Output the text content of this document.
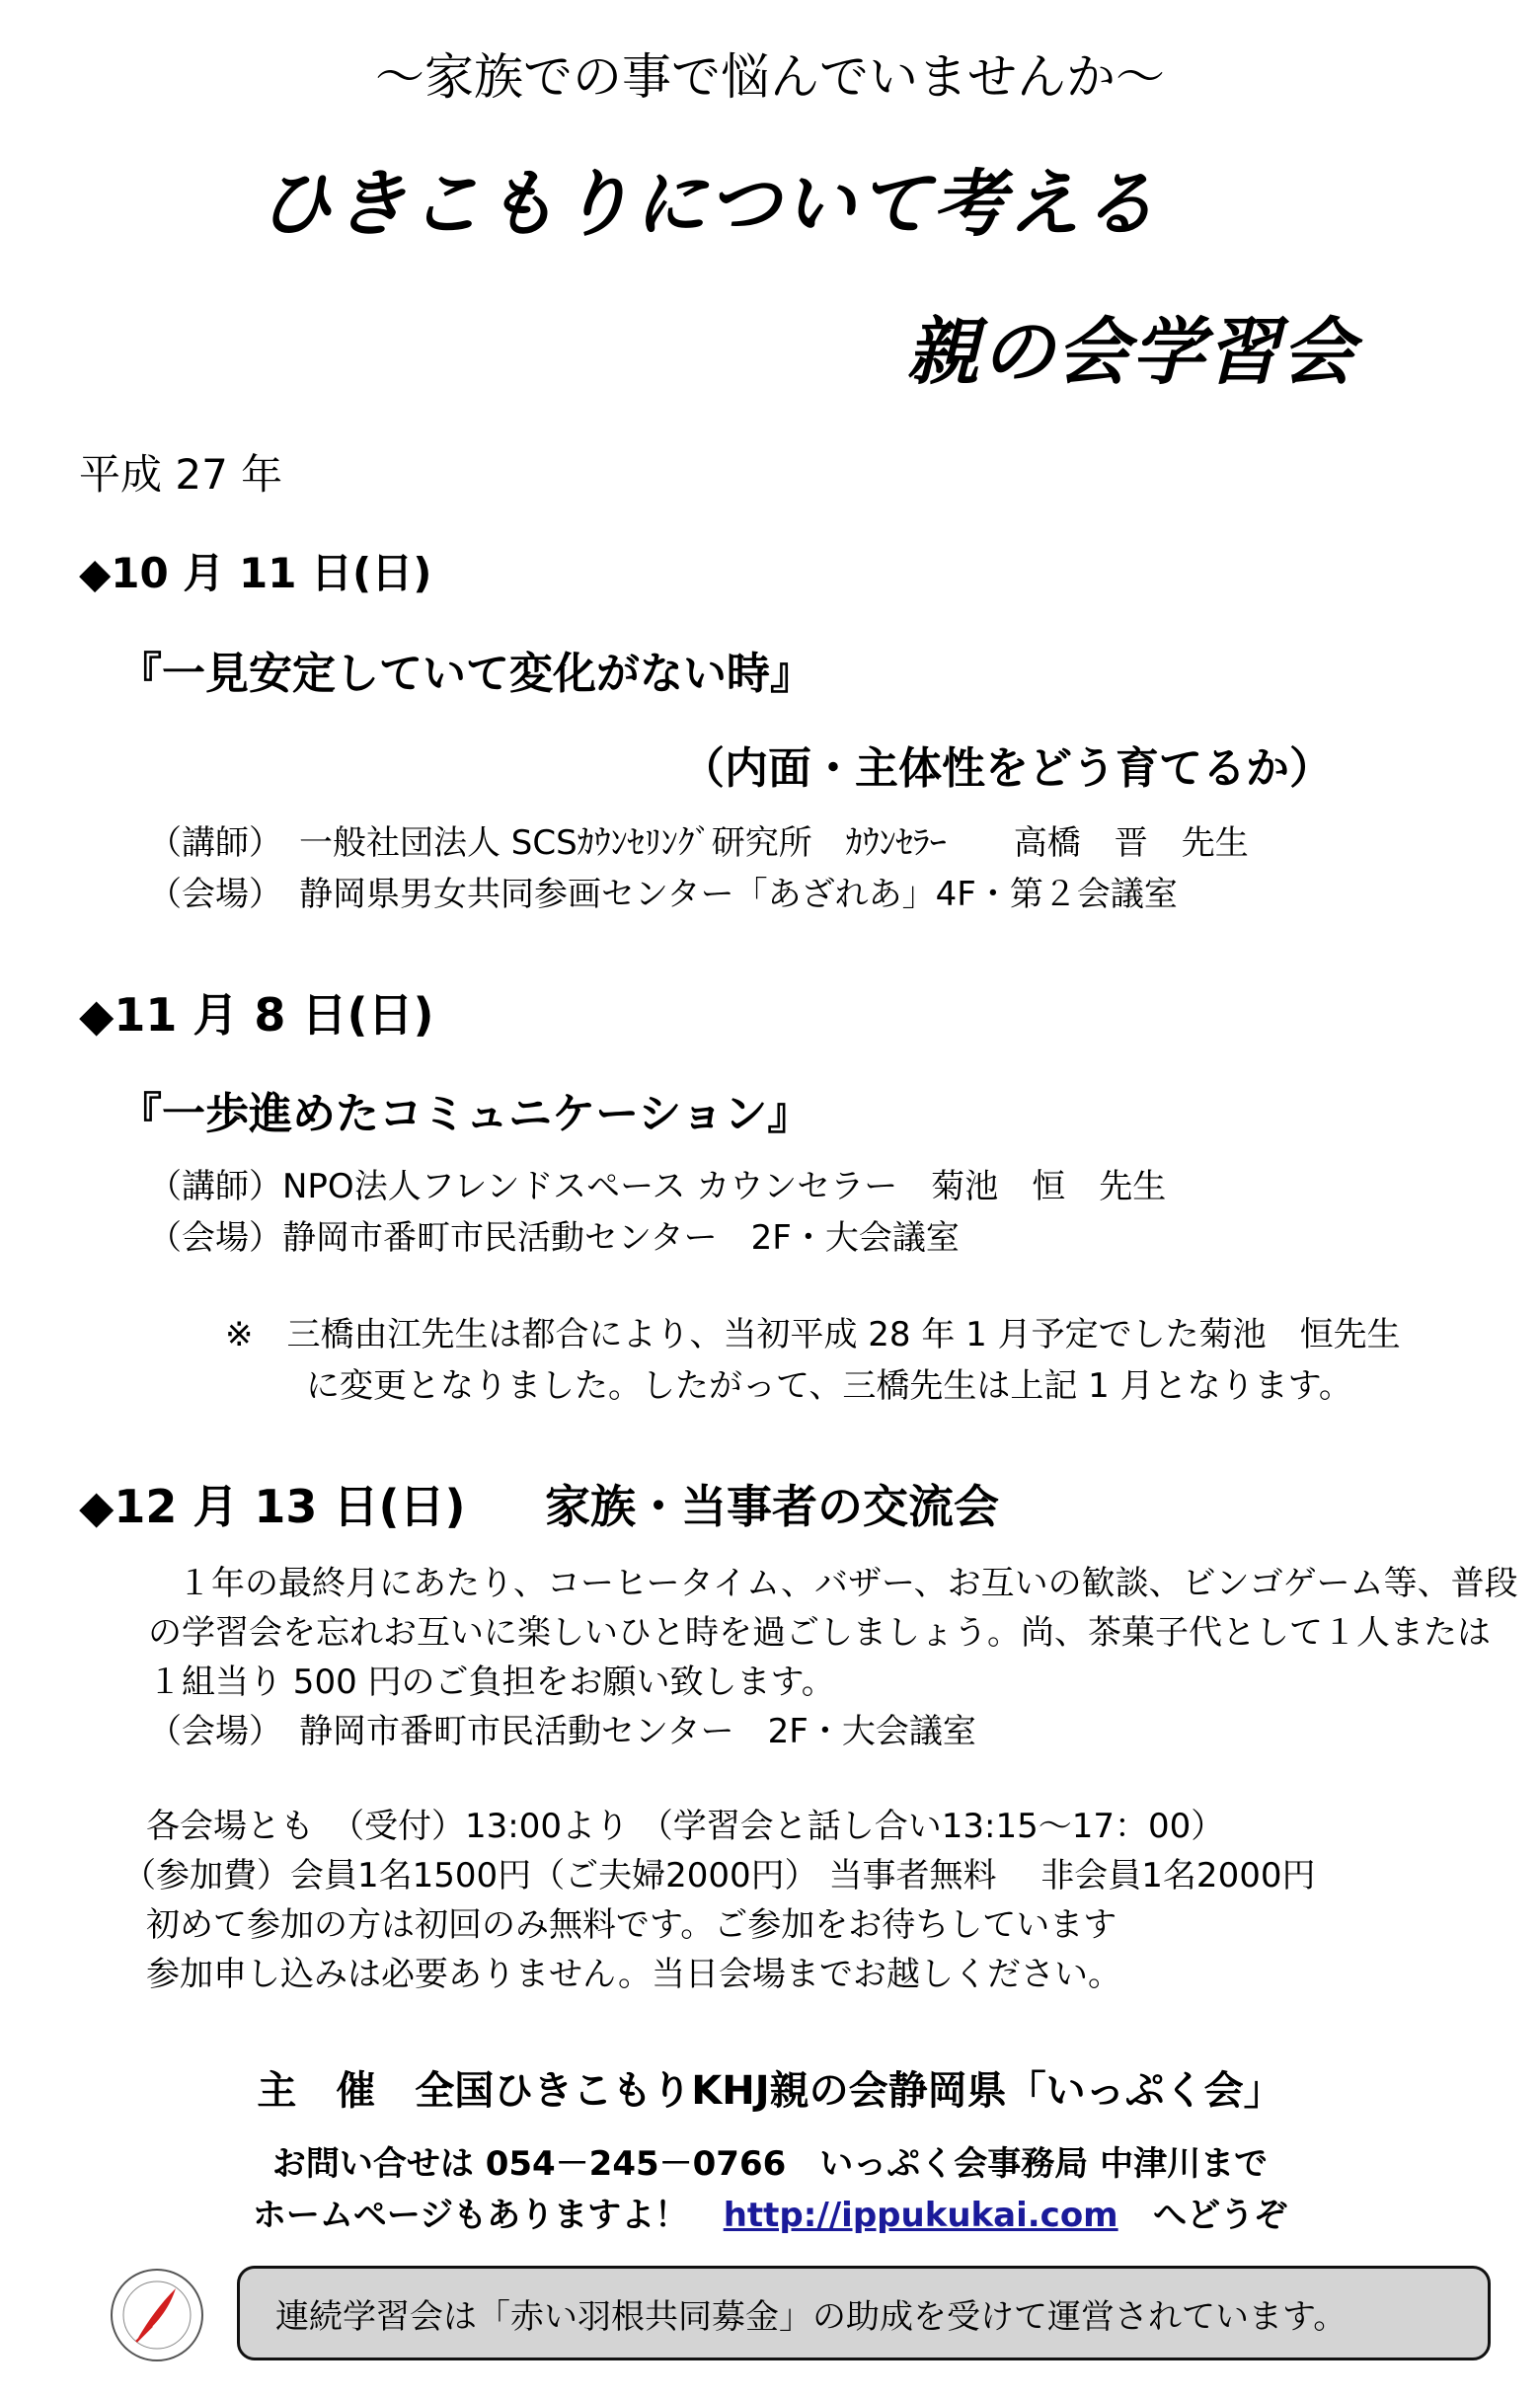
～家族での事で悩んでいませんか～
ひきこもりについて考える
親の会学習会
平成 27 年
◆10 月 11 日(日)
『一見安定していて変化がない時』
（内面・主体性をどう育てるか）
（講師）　一般社団法人 SCSｶｳﾝｾﾘﾝｸﾞ研究所　ｶｳﾝｾﾗｰ　　高橋　晋　先生
（会場）　静岡県男女共同参画センター「あざれあ」4F・第２会議室
◆11 月 8 日(日)
『一歩進めたコミュニケーション』
（講師）NPO法人フレンドスペース カウンセラー　菊池　恒　先生
（会場）静岡市番町市民活動センター　2F・大会議室
※　三橋由江先生は都合により、当初平成 28 年 1 月予定でした菊池　恒先生
に変更となりました。したがって、三橋先生は上記 1 月となります。
◆12 月 13 日(日) 家族・当事者の交流会
１年の最終月にあたり、コーヒータイム、バザー、お互いの歓談、ビンゴゲーム等、普段
の学習会を忘れお互いに楽しいひと時を過ごしましょう。尚、茶菓子代として１人または
１組当り 500 円のご負担をお願い致します。
（会場）　静岡市番町市民活動センター　2F・大会議室
各会場とも　（受付）13:00より （学習会と話し合い13:15～17：00）
（参加費）会員1名1500円（ご夫婦2000円） 当事者無料　 非会員1名2000円
初めて参加の方は初回のみ無料です。ご参加をお待ちしています
参加申し込みは必要ありません。当日会場までお越しください。
主　催　全国ひきこもりKHJ親の会静岡県「いっぷく会」
お問い合せは 054－245－0766　いっぷく会事務局 中津川まで
ホームページもありますよ！ http://ippukukai.com へどうぞ
連続学習会は「赤い羽根共同募金」の助成を受けて運営されています。
